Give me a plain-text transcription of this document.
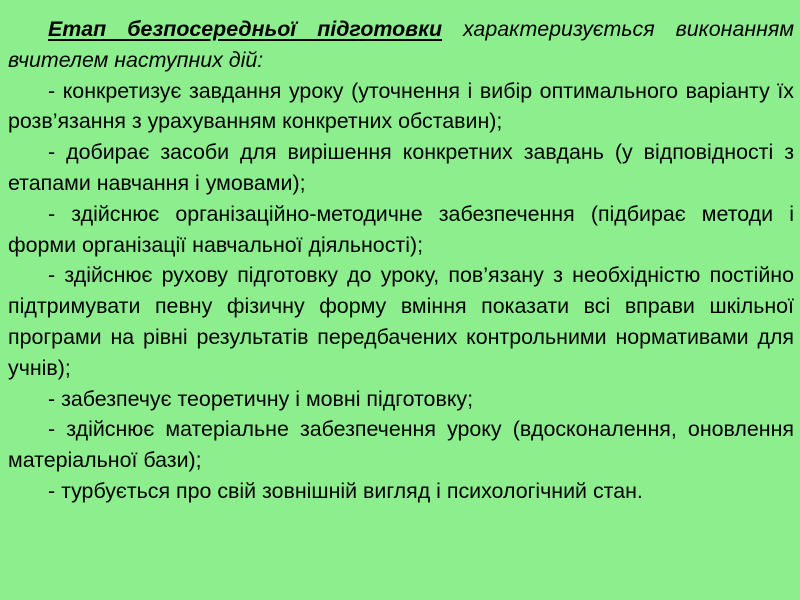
Етап безпосередньої підготовки характеризується виконанням вчителем наступних дій:
- конкретизує завдання уроку (уточнення і вибір оптимального варіанту їх розв’язання з урахуванням конкретних обставин);
- добирає засоби для вирішення конкретних завдань (у відповідності з етапами навчання і умовами);
- здійснює організаційно-методичне забезпечення (підбирає методи і форми організації навчальної діяльності);
- здійснює рухову підготовку до уроку, пов’язану з необхідністю постійно підтримувати певну фізичну форму вміння показати всі вправи шкільної програми на рівні результатів передбачених контрольними нормативами для учнів);
- забезпечує теоретичну і мовні підготовку;
- здійснює матеріальне забезпечення уроку (вдосконалення, оновлення матеріальної бази);
- турбується про свій зовнішній вигляд і психологічний стан.
